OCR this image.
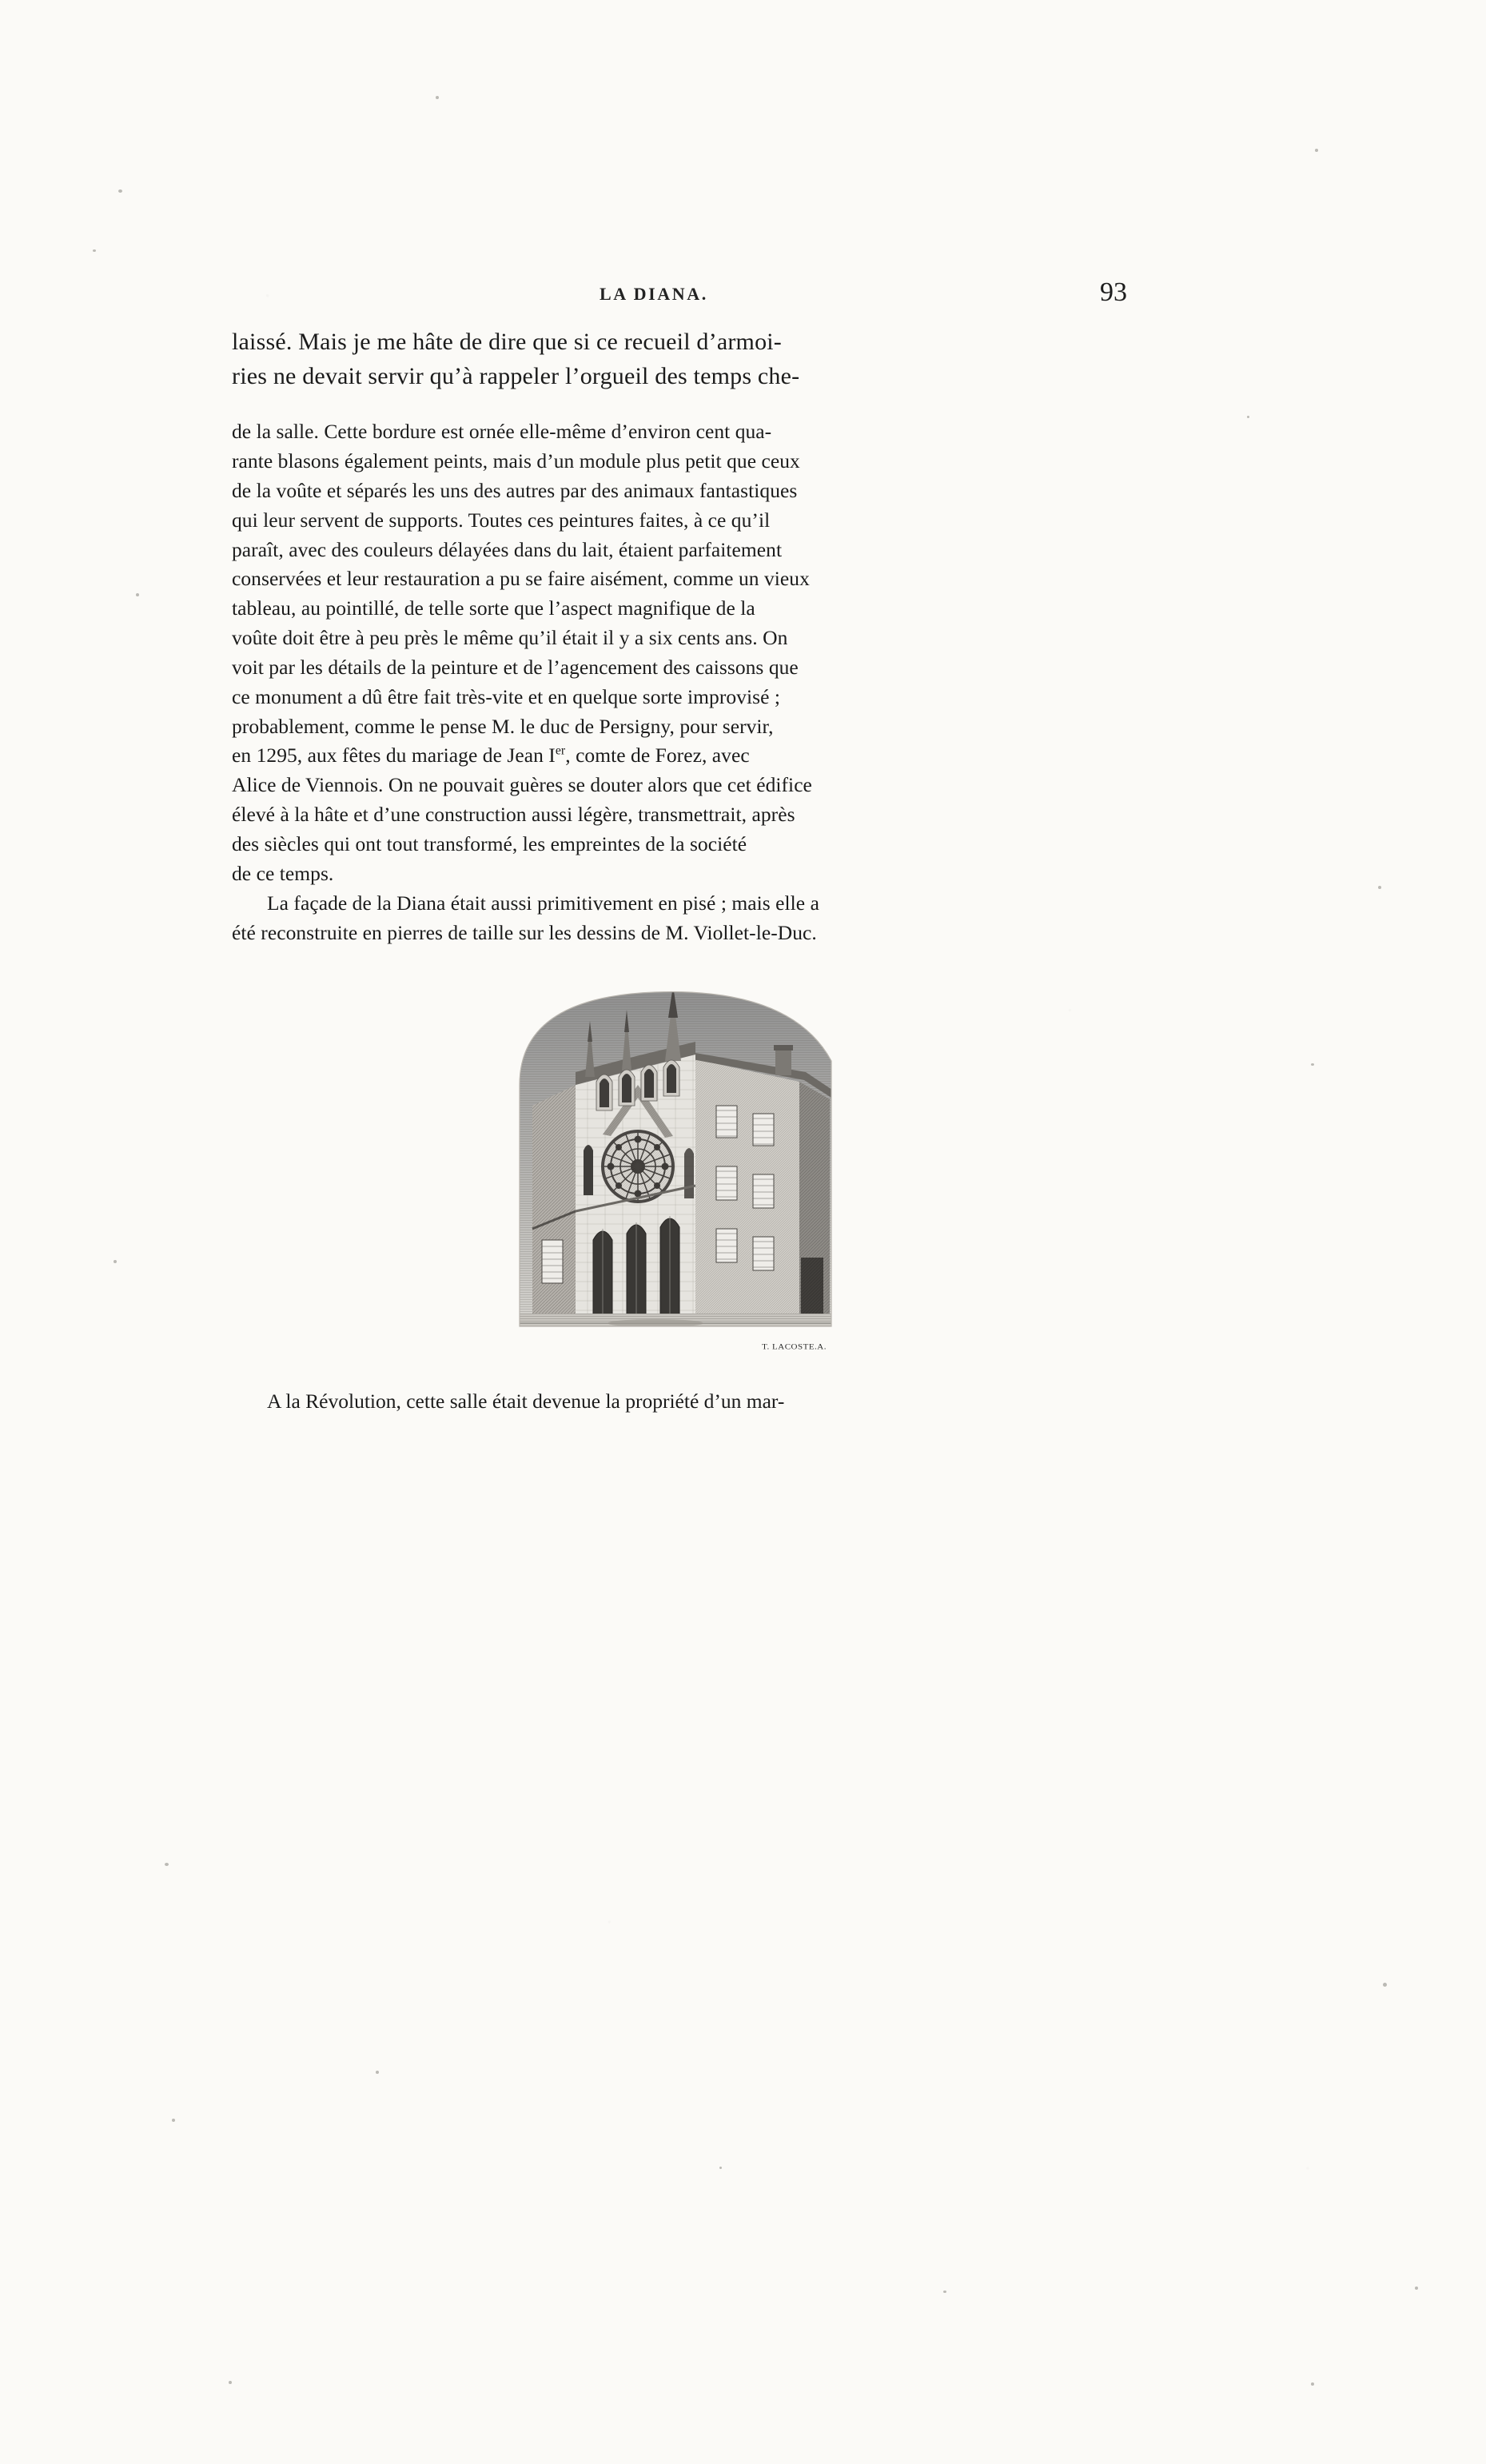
LA DIANA.	93
laissé. Mais je me hâte de dire que si ce recueil d’armoi-
ries ne devait servir qu’à rappeler l’orgueil des temps che-
de la salle. Cette bordure est ornée elle-même d’environ cent qua-
rante blasons également peints, mais d’un module plus petit que ceux
de la voûte et séparés les uns des autres par des animaux fantastiques
qui leur servent de supports. Toutes ces peintures faites, à ce qu’il
paraît, avec des couleurs délayées dans du lait, étaient parfaitement
conservées et leur restauration a pu se faire aisément, comme un vieux
tableau, au pointillé, de telle sorte que l’aspect magnifique de la
voûte doit être à peu près le même qu’il était il y a six cents ans. On
voit par les détails de la peinture et de l’agencement des caissons que
ce monument a dû être fait très-vite et en quelque sorte improvisé ;
probablement, comme le pense M. le duc de Persigny, pour servir,
en 1295, aux fêtes du mariage de Jean Ier, comte de Forez, avec
Alice de Viennois. On ne pouvait guères se douter alors que cet édifice
élevé à la hâte et d’une construction aussi légère, transmettrait, après
des siècles qui ont tout transformé, les empreintes de la société
de ce temps.
La façade de la Diana était aussi primitivement en pisé ; mais elle a
été reconstruite en pierres de taille sur les dessins de M. Viollet-le-Duc.
T. LACOSTE.A.
A la Révolution, cette salle était devenue la propriété d’un mar-
